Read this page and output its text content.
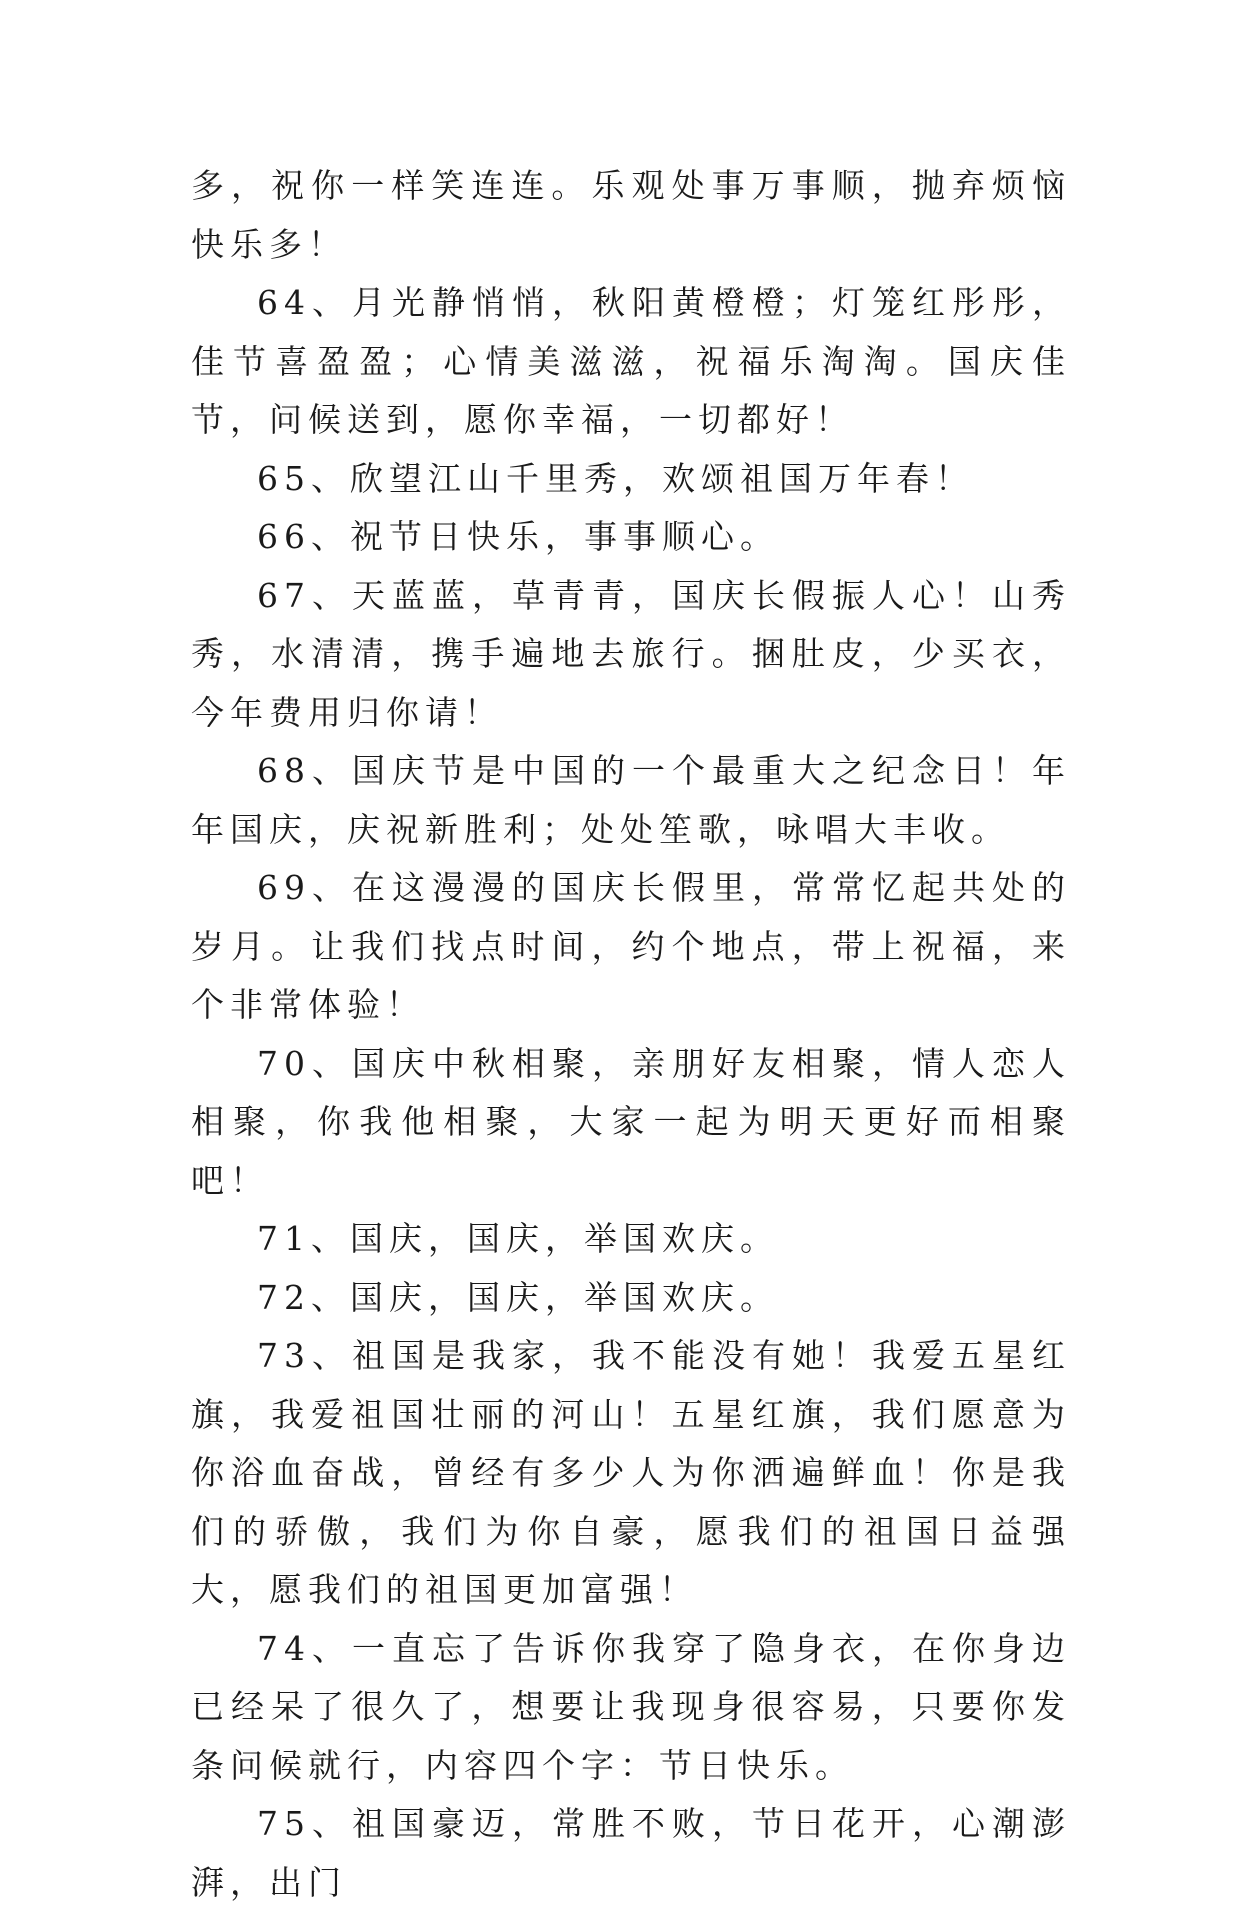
多，祝你一样笑连连。乐观处事万事顺，抛弃烦恼快乐多！

64、月光静悄悄，秋阳黄橙橙；灯笼红彤彤，佳节喜盈盈；心情美滋滋，祝福乐淘淘。国庆佳节，问候送到，愿你幸福，一切都好！

65、欣望江山千里秀，欢颂祖国万年春！

66、祝节日快乐，事事顺心。

67、天蓝蓝，草青青，国庆长假振人心！山秀秀，水清清，携手遍地去旅行。捆肚皮，少买衣，今年费用归你请！

68、国庆节是中国的一个最重大之纪念日！年年国庆，庆祝新胜利；处处笙歌，咏唱大丰收。

69、在这漫漫的国庆长假里，常常忆起共处的岁月。让我们找点时间，约个地点，带上祝福，来个非常体验！

70、国庆中秋相聚，亲朋好友相聚，情人恋人相聚，你我他相聚，大家一起为明天更好而相聚吧！

71、国庆，国庆，举国欢庆。

72、国庆，国庆，举国欢庆。

73、祖国是我家，我不能没有她！我爱五星红旗，我爱祖国壮丽的河山！五星红旗，我们愿意为你浴血奋战，曾经有多少人为你洒遍鲜血！你是我们的骄傲，我们为你自豪，愿我们的祖国日益强大，愿我们的祖国更加富强！

74、一直忘了告诉你我穿了隐身衣，在你身边已经呆了很久了，想要让我现身很容易，只要你发条问候就行，内容四个字：节日快乐。

75、祖国豪迈，常胜不败，节日花开，心潮澎湃，出门
